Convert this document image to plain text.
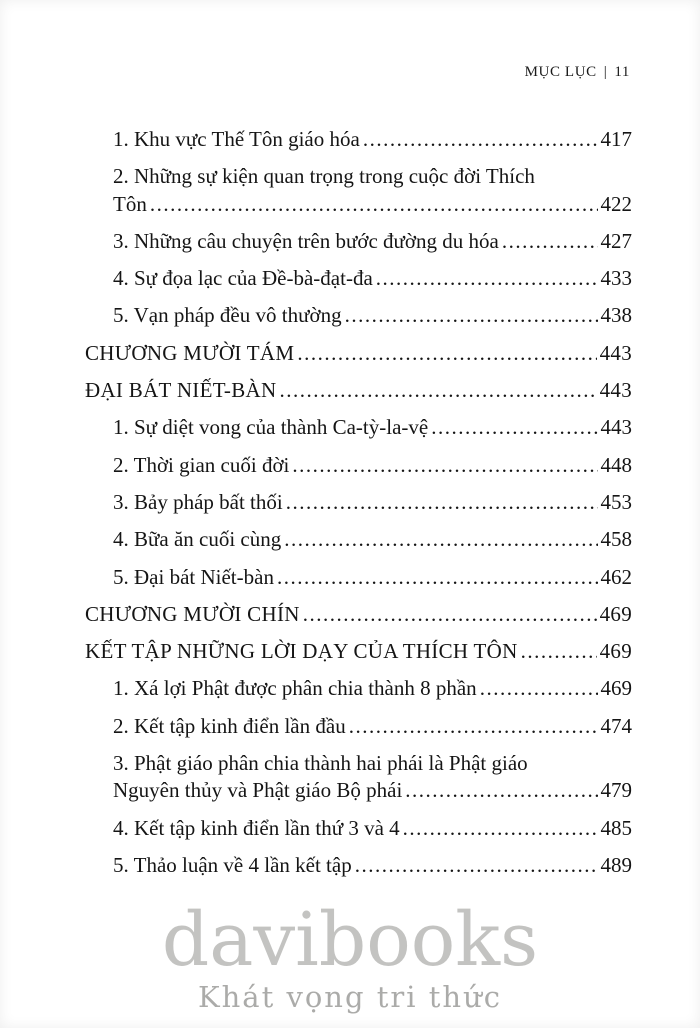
MỤC LỤC | 11
1. Khu vực Thế Tôn giáo hóa .....	417
2. Những sự kiện quan trọng trong cuộc đời Thích
Tôn .....	422
3. Những câu chuyện trên bước đường du hóa .....	427
4. Sự đọa lạc của Đề-bà-đạt-đa .....	433
5. Vạn pháp đều vô thường .....	438
CHƯƠNG MƯỜI TÁM .....	443
ĐẠI BÁT NIẾT-BÀN .....	443
1. Sự diệt vong của thành Ca-tỳ-la-vệ .....	443
2. Thời gian cuối đời .....	448
3. Bảy pháp bất thối .....	453
4. Bữa ăn cuối cùng .....	458
5. Đại bát Niết-bàn .....	462
CHƯƠNG MƯỜI CHÍN .....	469
KẾT TẬP NHỮNG LỜI DẠY CỦA THÍCH TÔN .....	469
1. Xá lợi Phật được phân chia thành 8 phần .....	469
2. Kết tập kinh điển lần đầu .....	474
3. Phật giáo phân chia thành hai phái là Phật giáo
Nguyên thủy và Phật giáo Bộ phái .....	479
4. Kết tập kinh điển lần thứ 3 và 4 .....	485
5. Thảo luận về 4 lần kết tập .....	489
davibooks
Khát vọng tri thức
